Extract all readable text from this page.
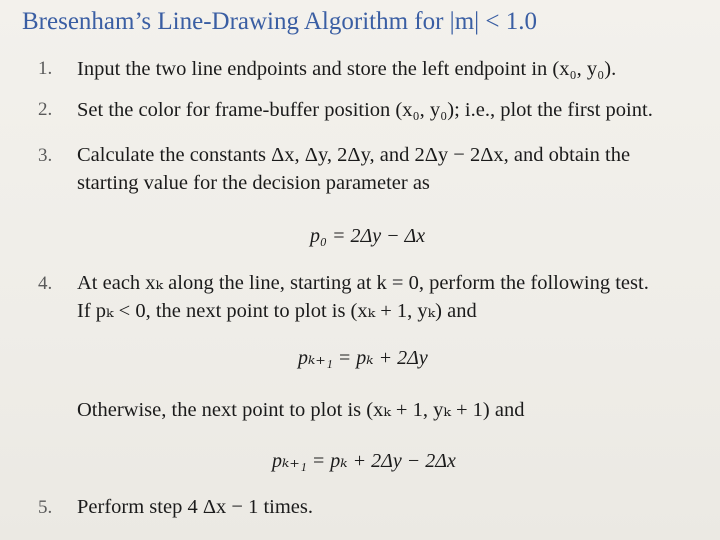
Bresenham’s Line-Drawing Algorithm for |m| < 1.0
1. Input the two line endpoints and store the left endpoint in (x₀, y₀).
2. Set the color for frame-buffer position (x₀, y₀); i.e., plot the first point.
3. Calculate the constants Δx, Δy, 2Δy, and 2Δy − 2Δx, and obtain the
starting value for the decision parameter as
p₀ = 2Δy − Δx
4. At each xₖ along the line, starting at k = 0, perform the following test.
If pₖ < 0, the next point to plot is (xₖ + 1, yₖ) and
pₖ₊₁ = pₖ + 2Δy
Otherwise, the next point to plot is (xₖ + 1, yₖ + 1) and
pₖ₊₁ = pₖ + 2Δy − 2Δx
5. Perform step 4 Δx − 1 times.
